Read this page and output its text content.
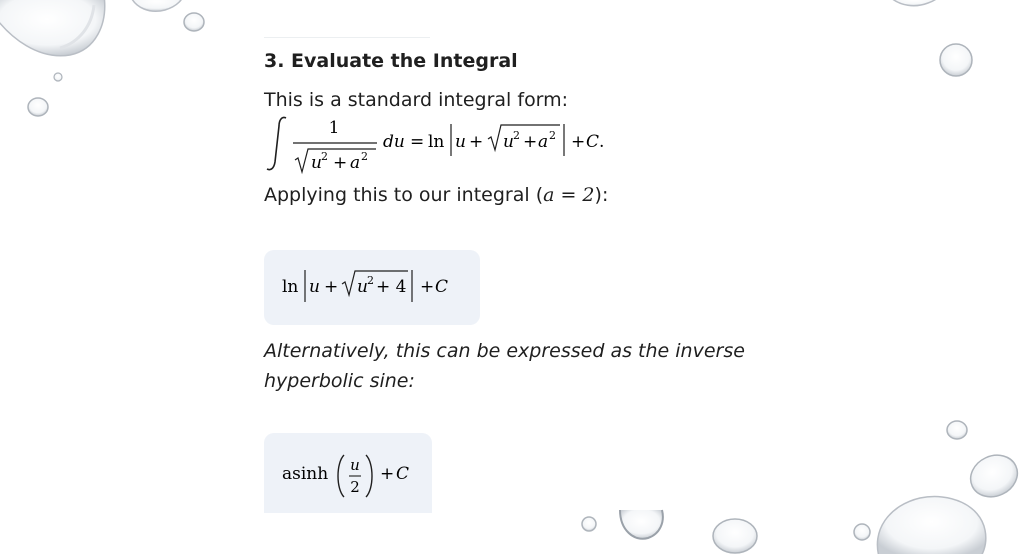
3. Evaluate the Integral
This is a standard integral form:
1
u 2 + a 2
du = ln u + u 2 + a 2 + C .
Applying this to our integral (a = 2):
ln u + u 2 + 4 + C
Alternatively, this can be expressed as the inverse hyperbolic sine:
asinh u
2
+ C
